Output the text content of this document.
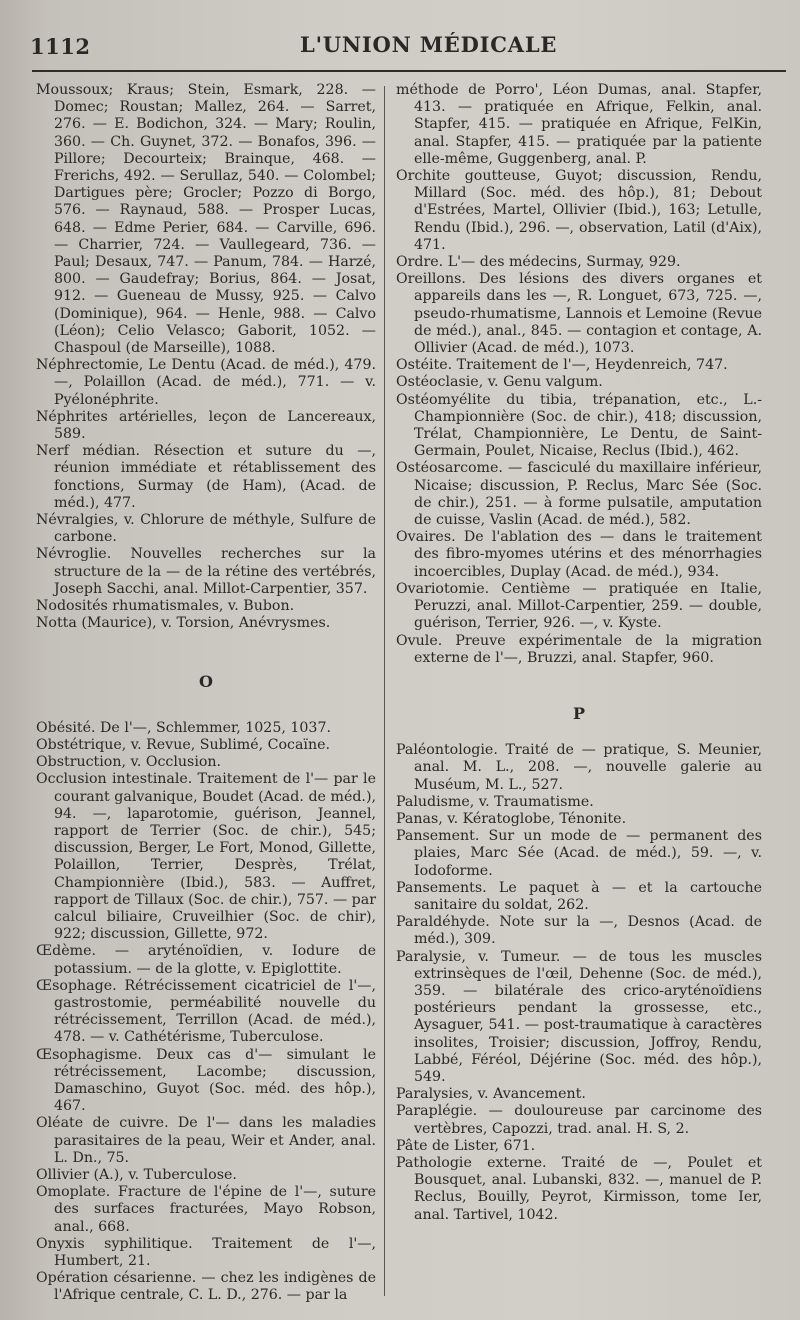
1112	L'UNION MÉDICALE

Moussoux; Kraus; Stein, Esmark, 228. — Domec; Roustan; Mallez, 264. — Sarret, 276. — E. Bodichon, 324. — Mary; Roulin, 360. — Ch. Guynet, 372. — Bonafos, 396. — Pillore; Decourteix; Brainque, 468. — Frerichs, 492. — Serullaz, 540. — Colombel; Dartigues père; Grocler; Pozzo di Borgo, 576. — Raynaud, 588. — Prosper Lucas, 648. — Edme Perier, 684. — Carville, 696. — Charrier, 724. — Vaullegeard, 736. — Paul; Desaux, 747. — Panum, 784. — Harzé, 800. — Gaudefray; Borius, 864. — Josat, 912. — Gueneau de Mussy, 925. — Calvo (Dominique), 964. — Henle, 988. — Calvo (Léon); Celio Velasco; Gaborit, 1052. — Chaspoul (de Marseille), 1088.

Néphrectomie, Le Dentu (Acad. de méd.), 479. —, Polaillon (Acad. de méd.), 771. — v. Pyélonéphrite.

Néphrites artérielles, leçon de Lancereaux, 589.

Nerf médian. Résection et suture du —, réunion immédiate et rétablissement des fonctions, Surmay (de Ham), (Acad. de méd.), 477.

Névralgies, v. Chlorure de méthyle, Sulfure de carbone.

Névroglie. Nouvelles recherches sur la structure de la — de la rétine des vertébrés, Joseph Sacchi, anal. Millot-Carpentier, 357.

Nodosités rhumatismales, v. Bubon.

Notta (Maurice), v. Torsion, Anévrysmes.

O

Obésité. De l'—, Schlemmer, 1025, 1037.

Obstétrique, v. Revue, Sublimé, Cocaïne.

Obstruction, v. Occlusion.

Occlusion intestinale. Traitement de l'— par le courant galvanique, Boudet (Acad. de méd.), 94. —, laparotomie, guérison, Jeannel, rapport de Terrier (Soc. de chir.), 545; discussion, Berger, Le Fort, Monod, Gillette, Polaillon, Terrier, Desprès, Trélat, Championnière (Ibid.), 583. — Auffret, rapport de Tillaux (Soc. de chir.), 757. — par calcul biliaire, Cruveilhier (Soc. de chir), 922; discussion, Gillette, 972.

Œdème. — aryténoïdien, v. Iodure de potassium. — de la glotte, v. Epiglottite.

Œsophage. Rétrécissement cicatriciel de l'—, gastrostomie, perméabilité nouvelle du rétrécissement, Terrillon (Acad. de méd.), 478. — v. Cathétérisme, Tuberculose.

Œsophagisme. Deux cas d'— simulant le rétrécissement, Lacombe; discussion, Damaschino, Guyot (Soc. méd. des hôp.), 467.

Oléate de cuivre. De l'— dans les maladies parasitaires de la peau, Weir et Ander, anal. L. Dn., 75.

Ollivier (A.), v. Tuberculose.

Omoplate. Fracture de l'épine de l'—, suture des surfaces fracturées, Mayo Robson, anal., 668.

Onyxis syphilitique. Traitement de l'—, Humbert, 21.

Opération césarienne. — chez les indigènes de l'Afrique centrale, C. L. D., 276. — par la

méthode de Porro', Léon Dumas, anal. Stapfer, 413. — pratiquée en Afrique, Felkin, anal. Stapfer, 415. — pratiquée en Afrique, FelKin, anal. Stapfer, 415. — pratiquée par la patiente elle-même, Guggenberg, anal. P.

Orchite goutteuse, Guyot; discussion, Rendu, Millard (Soc. méd. des hôp.), 81; Debout d'Estrées, Martel, Ollivier (Ibid.), 163; Letulle, Rendu (Ibid.), 296. —, observation, Latil (d'Aix), 471.

Ordre. L'— des médecins, Surmay, 929.

Oreillons. Des lésions des divers organes et appareils dans les —, R. Longuet, 673, 725. —, pseudo-rhumatisme, Lannois et Lemoine (Revue de méd.), anal., 845. — contagion et contage, A. Ollivier (Acad. de méd.), 1073.

Ostéite. Traitement de l'—, Heydenreich, 747.

Ostéoclasie, v. Genu valgum.

Ostéomyélite du tibia, trépanation, etc., L.-Championnière (Soc. de chir.), 418; discussion, Trélat, Championnière, Le Dentu, de Saint-Germain, Poulet, Nicaise, Reclus (Ibid.), 462.

Ostéosarcome. — fasciculé du maxillaire inférieur, Nicaise; discussion, P. Reclus, Marc Sée (Soc. de chir.), 251. — à forme pulsatile, amputation de cuisse, Vaslin (Acad. de méd.), 582.

Ovaires. De l'ablation des — dans le traitement des fibro-myomes utérins et des ménorrhagies incoercibles, Duplay (Acad. de méd.), 934.

Ovariotomie. Centième — pratiquée en Italie, Peruzzi, anal. Millot-Carpentier, 259. — double, guérison, Terrier, 926. —, v. Kyste.

Ovule. Preuve expérimentale de la migration externe de l'—, Bruzzi, anal. Stapfer, 960.

P

Paléontologie. Traité de — pratique, S. Meunier, anal. M. L., 208. —, nouvelle galerie au Muséum, M. L., 527.

Paludisme, v. Traumatisme.

Panas, v. Kératoglobe, Ténonite.

Pansement. Sur un mode de — permanent des plaies, Marc Sée (Acad. de méd.), 59. —, v. Iodoforme.

Pansements. Le paquet à — et la cartouche sanitaire du soldat, 262.

Paraldéhyde. Note sur la —, Desnos (Acad. de méd.), 309.

Paralysie, v. Tumeur. — de tous les muscles extrinsèques de l'œil, Dehenne (Soc. de méd.), 359. — bilatérale des crico-aryténoïdiens postérieurs pendant la grossesse, etc., Aysaguer, 541. — post-traumatique à caractères insolites, Troisier; discussion, Joffroy, Rendu, Labbé, Féréol, Déjérine (Soc. méd. des hôp.), 549.

Paralysies, v. Avancement.

Paraplégie. — douloureuse par carcinome des vertèbres, Capozzi, trad. anal. H. S, 2.

Pâte de Lister, 671.

Pathologie externe. Traité de —, Poulet et Bousquet, anal. Lubanski, 832. —, manuel de P. Reclus, Bouilly, Peyrot, Kirmisson, tome Ier, anal. Tartivel, 1042.
